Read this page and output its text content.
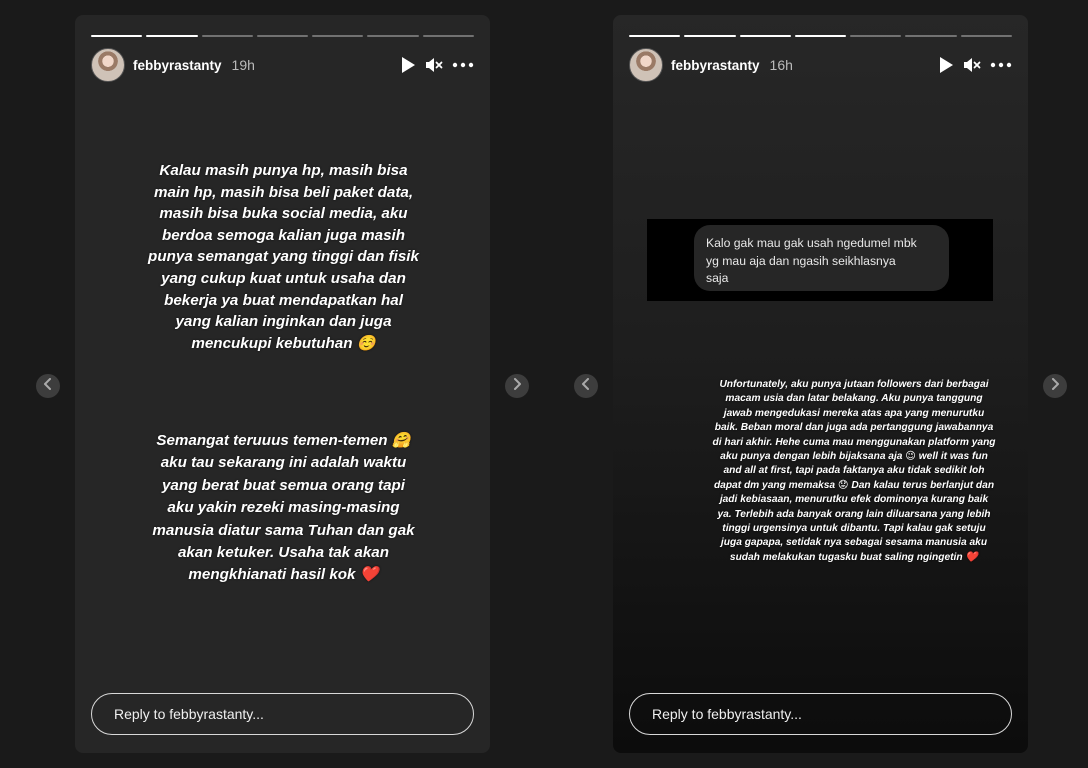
febbyrastanty 19h
Kalau masih punya hp, masih bisa
main hp, masih bisa beli paket data,
masih bisa buka social media, aku
berdoa semoga kalian juga masih
punya semangat yang tinggi dan fisik
yang cukup kuat untuk usaha dan
bekerja ya buat mendapatkan hal
yang kalian inginkan dan juga
mencukupi kebutuhan ☺️
Semangat teruuus temen-temen 🤗
aku tau sekarang ini adalah waktu
yang berat buat semua orang tapi
aku yakin rezeki masing-masing
manusia diatur sama Tuhan dan gak
akan ketuker. Usaha tak akan
mengkhianati hasil kok ❤️
Reply to febbyrastanty...
febbyrastanty 16h
😊
Kalo gak mau gak usah ngedumel mbk
yg mau aja dan ngasih seikhlasnya
saja
Unfortunately, aku punya jutaan followers dari berbagai
macam usia dan latar belakang. Aku punya tanggung
jawab mengedukasi mereka atas apa yang menurutku
baik. Beban moral dan juga ada pertanggung jawabannya
di hari akhir. Hehe cuma mau menggunakan platform yang
aku punya dengan lebih bijaksana aja 😉 well it was fun
and all at first, tapi pada faktanya aku tidak sedikit loh
dapat dm yang memaksa 😟 Dan kalau terus berlanjut dan
jadi kebiasaan, menurutku efek dominonya kurang baik
ya. Terlebih ada banyak orang lain diluarsana yang lebih
tinggi urgensinya untuk dibantu. Tapi kalau gak setuju
juga gapapa, setidak nya sebagai sesama manusia aku
sudah melakukan tugasku buat saling ngingetin ❤️
Reply to febbyrastanty...
